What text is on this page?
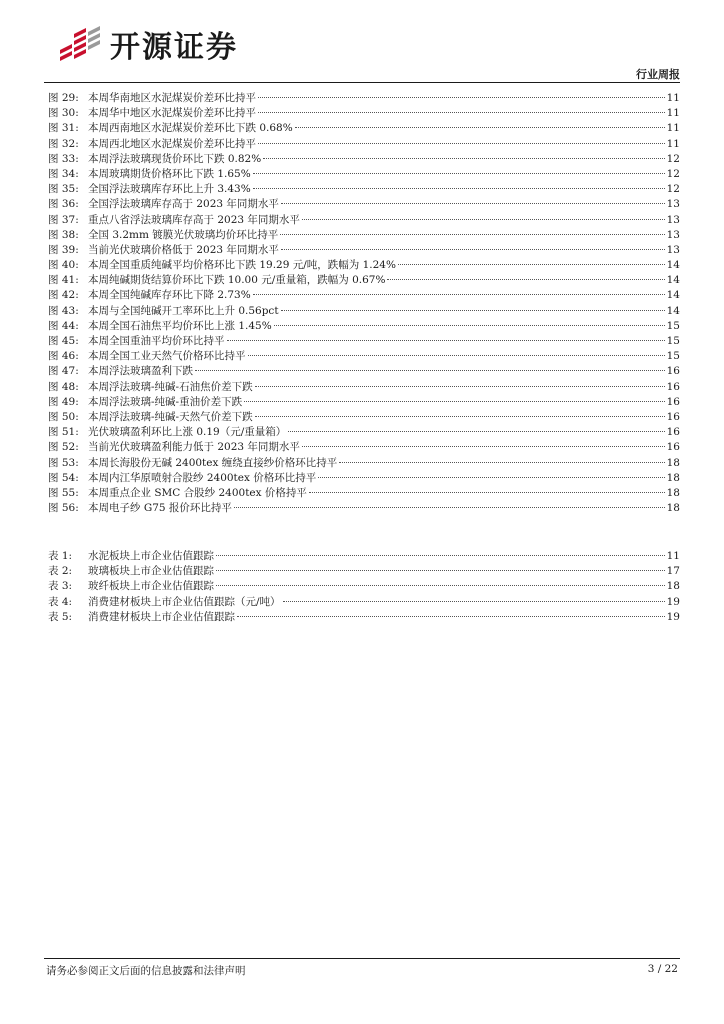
开源证券
行业周报
图 29: 本周华南地区水泥煤炭价差环比持平	11
图 30: 本周华中地区水泥煤炭价差环比持平	11
图 31: 本周西南地区水泥煤炭价差环比下跌 0.68%	11
图 32: 本周西北地区水泥煤炭价差环比持平	11
图 33: 本周浮法玻璃现货价环比下跌 0.82%	12
图 34: 本周玻璃期货价格环比下跌 1.65%	12
图 35: 全国浮法玻璃库存环比上升 3.43%	12
图 36: 全国浮法玻璃库存高于 2023 年同期水平	13
图 37: 重点八省浮法玻璃库存高于 2023 年同期水平	13
图 38: 全国 3.2mm 镀膜光伏玻璃均价环比持平	13
图 39: 当前光伏玻璃价格低于 2023 年同期水平	13
图 40: 本周全国重质纯碱平均价格环比下跌 19.29 元/吨，跌幅为 1.24%	14
图 41: 本周纯碱期货结算价环比下跌 10.00 元/重量箱，跌幅为 0.67%	14
图 42: 本周全国纯碱库存环比下降 2.73%	14
图 43: 本周与全国纯碱开工率环比上升 0.56pct	14
图 44: 本周全国石油焦平均价环比上涨 1.45%	15
图 45: 本周全国重油平均价环比持平	15
图 46: 本周全国工业天然气价格环比持平	15
图 47: 本周浮法玻璃盈利下跌	16
图 48: 本周浮法玻璃-纯碱-石油焦价差下跌	16
图 49: 本周浮法玻璃-纯碱-重油价差下跌	16
图 50: 本周浮法玻璃-纯碱-天然气价差下跌	16
图 51: 光伏玻璃盈利环比上涨 0.19（元/重量箱）	16
图 52: 当前光伏玻璃盈利能力低于 2023 年同期水平	16
图 53: 本周长海股份无碱 2400tex 缠绕直接纱价格环比持平	18
图 54: 本周内江华原喷射合股纱 2400tex 价格环比持平	18
图 55: 本周重点企业 SMC 合股纱 2400tex 价格持平	18
图 56: 本周电子纱 G75 报价环比持平	18
表 1:	水泥板块上市企业估值跟踪	11
表 2:	玻璃板块上市企业估值跟踪	17
表 3:	玻纤板块上市企业估值跟踪	18
表 4:	消费建材板块上市企业估值跟踪（元/吨）	19
表 5:	消费建材板块上市企业估值跟踪	19
请务必参阅正文后面的信息披露和法律声明	3 / 22
